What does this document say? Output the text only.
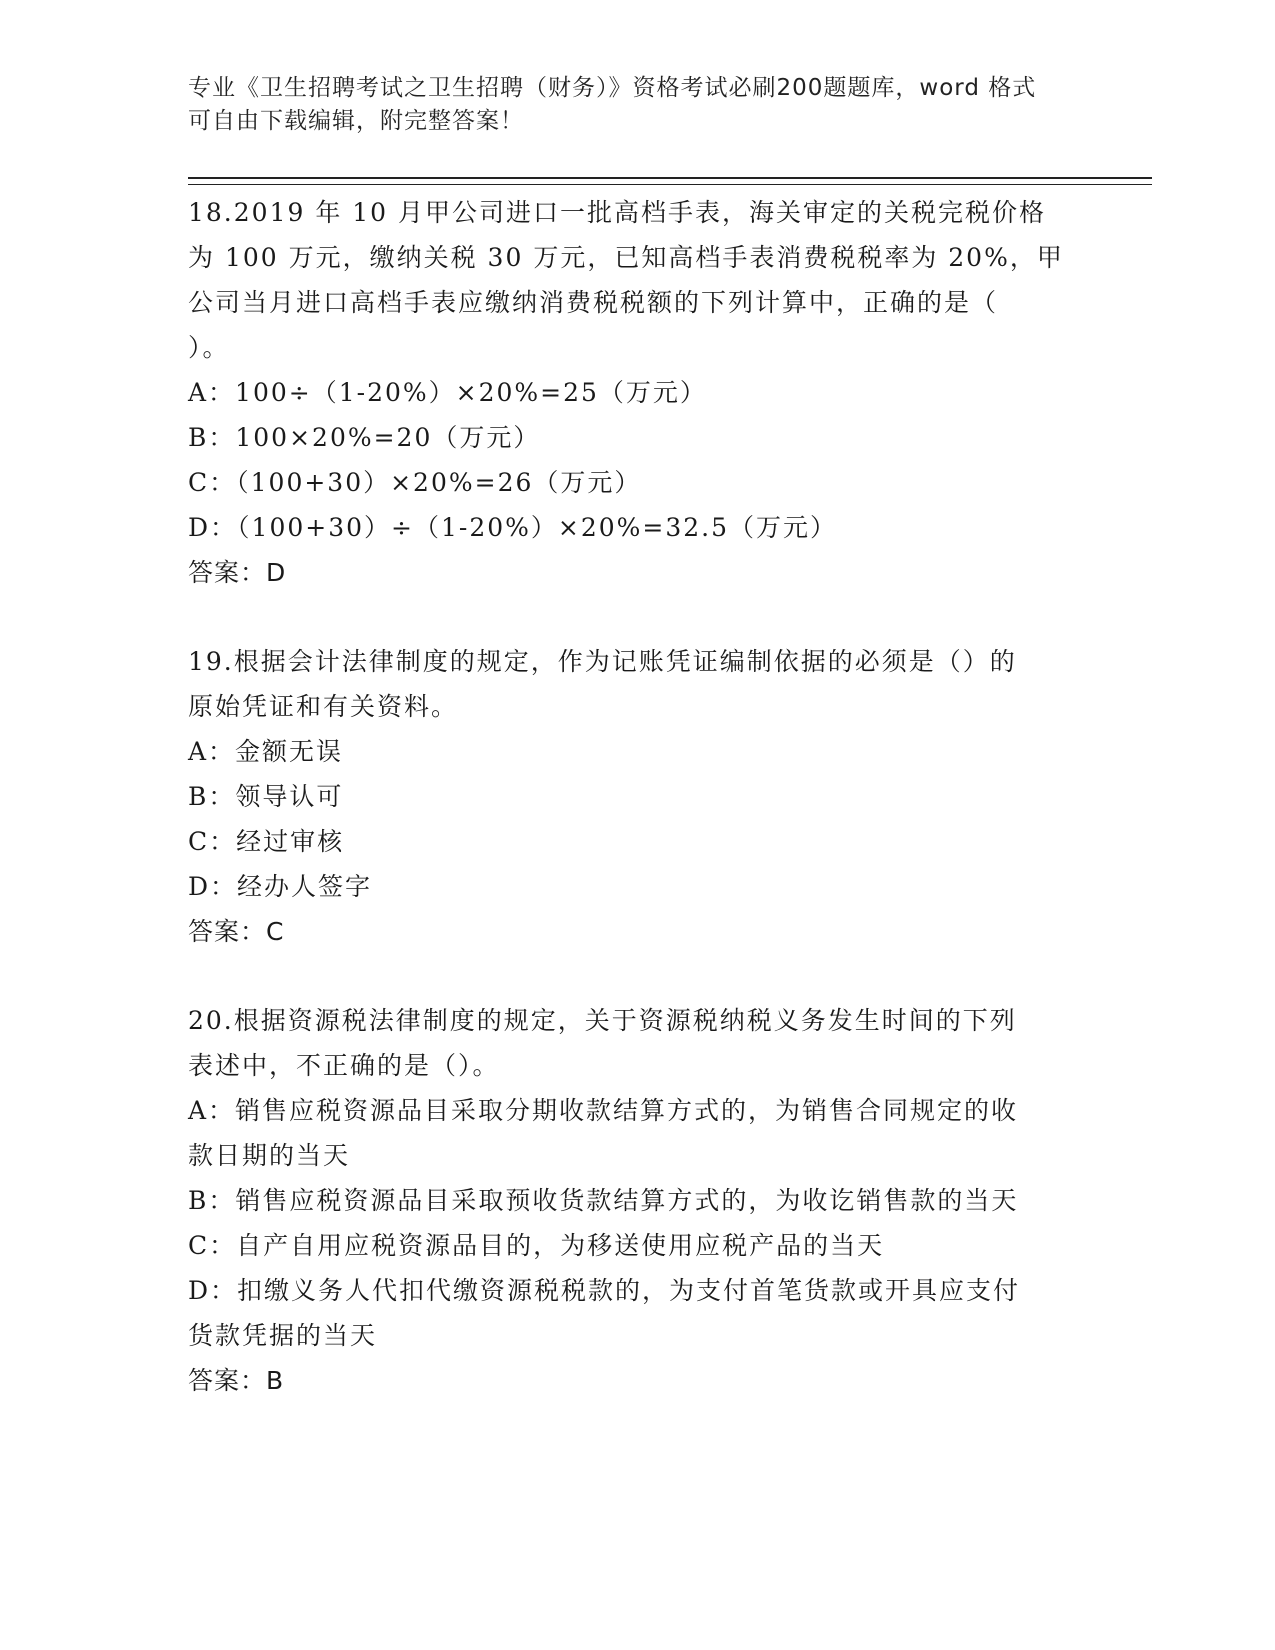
专业《卫生招聘考试之卫生招聘（财务）》资格考试必刷200题题库，word 格式
可自由下载编辑，附完整答案！

18.2019 年 10 月甲公司进口一批高档手表，海关审定的关税完税价格

为 100 万元，缴纳关税 30 万元，已知高档手表消费税税率为 20%，甲

公司当月进口高档手表应缴纳消费税税额的下列计算中，正确的是（

）。

A：100÷（1-20%）×20%=25（万元）

B：100×20%=20（万元）

C：（100+30）×20%=26（万元）

D：（100+30）÷（1-20%）×20%=32.5（万元）

答案：D

19.根据会计法律制度的规定，作为记账凭证编制依据的必须是（）的

原始凭证和有关资料。

A：金额无误

B：领导认可

C：经过审核

D：经办人签字

答案：C

20.根据资源税法律制度的规定，关于资源税纳税义务发生时间的下列

表述中，不正确的是（）。

A：销售应税资源品目采取分期收款结算方式的，为销售合同规定的收

款日期的当天

B：销售应税资源品目采取预收货款结算方式的，为收讫销售款的当天

C：自产自用应税资源品目的，为移送使用应税产品的当天

D：扣缴义务人代扣代缴资源税税款的，为支付首笔货款或开具应支付

货款凭据的当天

答案：B
